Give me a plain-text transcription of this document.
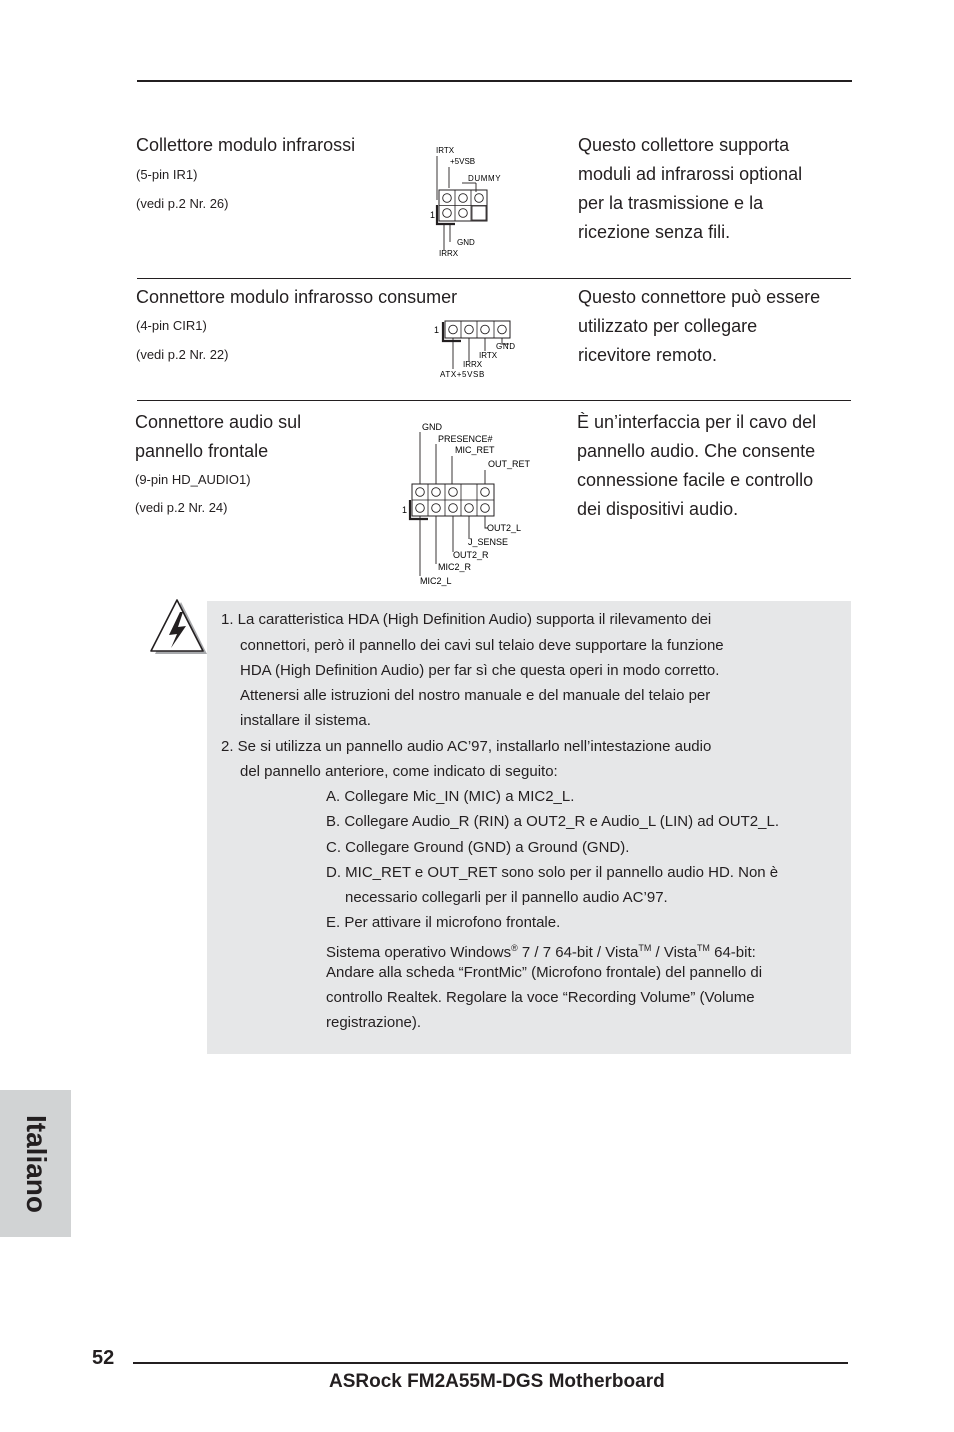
Collettore modulo infrarossi
(5-pin IR1)
(vedi p.2 Nr. 26)
Questo collettore supporta
moduli ad infrarossi optional
per la trasmissione e la
ricezione senza fili.
IRTX
+5VSB
DUMMY
1
GND
IRRX
Connettore modulo infrarosso consumer
(4-pin CIR1)
(vedi p.2 Nr. 22)
Questo connettore può essere
utilizzato per collegare
ricevitore remoto.
1
GND
IRTX
IRRX
ATX+5VSB
Connettore audio sul
pannello frontale
(9-pin HD_AUDIO1)
(vedi p.2 Nr. 24)
È un’interfaccia per il cavo del
pannello audio. Che consente
connessione facile e controllo
dei dispositivi audio.
GND
PRESENCE#
MIC_RET
OUT_RET
1
OUT2_L
J_SENSE
OUT2_R
MIC2_R
MIC2_L
1. La caratteristica HDA (High Definition Audio) supporta il rilevamento dei
connettori, però il pannello dei cavi sul telaio deve supportare la funzione
HDA (High Definition Audio) per far sì che questa operi in modo corretto.
Attenersi alle istruzioni del nostro manuale e del manuale del telaio per
installare il sistema.
2. Se si utilizza un pannello audio AC’97, installarlo nell’intestazione audio
del pannello anteriore, come indicato di seguito:
A. Collegare Mic_IN (MIC) a MIC2_L.
B. Collegare Audio_R (RIN) a OUT2_R e Audio_L (LIN) ad OUT2_L.
C. Collegare Ground (GND) a Ground (GND).
D. MIC_RET e OUT_RET sono solo per il pannello audio HD. Non è
necessario collegarli per il pannello audio AC’97.
E. Per attivare il microfono frontale.
Sistema operativo Windows® 7 / 7 64-bit / Vista™ / Vista™ 64-bit:
Andare alla scheda “FrontMic” (Microfono frontale) del pannello di
controllo Realtek. Regolare la voce “Recording Volume” (Volume
registrazione).
Italiano
52
ASRock FM2A55M-DGS Motherboard
